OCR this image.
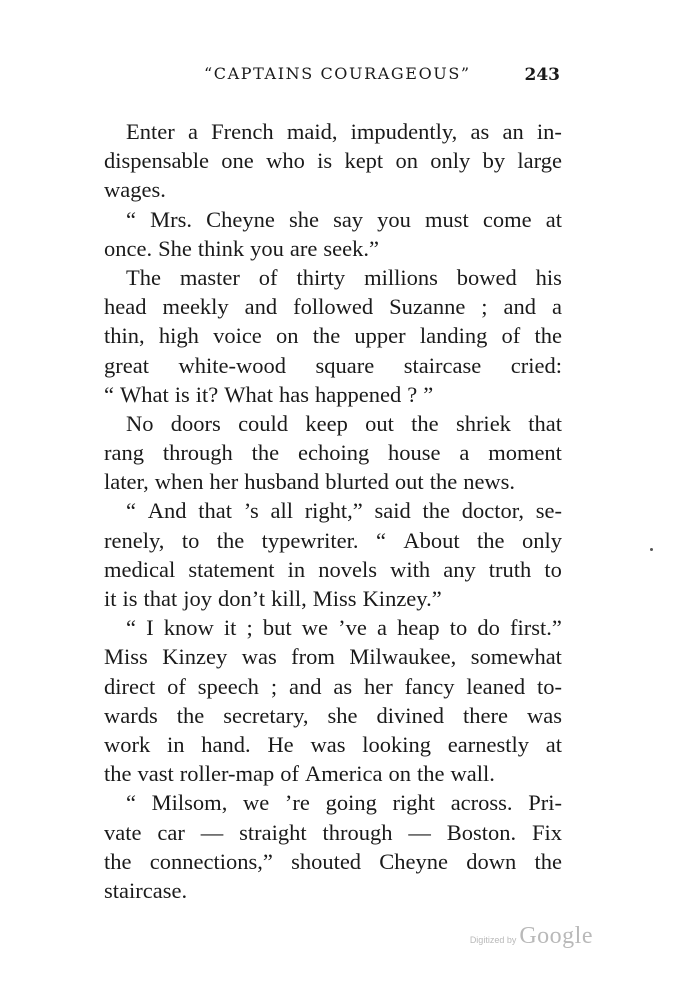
“CAPTAINS COURAGEOUS”	243
Enter a French maid, impudently, as an in-
dispensable one who is kept on only by large
wages.
“ Mrs. Cheyne she say you must come at
once. She think you are seek.”
The master of thirty millions bowed his
head meekly and followed Suzanne ; and a
thin, high voice on the upper landing of the
great white-wood square staircase cried:
“ What is it? What has happened ? ”
No doors could keep out the shriek that
rang through the echoing house a moment
later, when her husband blurted out the news.
“ And that ’s all right,” said the doctor, se-
renely, to the typewriter. “ About the only
medical statement in novels with any truth to
it is that joy don’t kill, Miss Kinzey.”
“ I know it ; but we ’ve a heap to do first.”
Miss Kinzey was from Milwaukee, somewhat
direct of speech ; and as her fancy leaned to-
wards the secretary, she divined there was
work in hand. He was looking earnestly at
the vast roller-map of America on the wall.
“ Milsom, we ’re going right across. Pri-
vate car — straight through — Boston. Fix
the connections,” shouted Cheyne down the
staircase.
Digitized by Google
